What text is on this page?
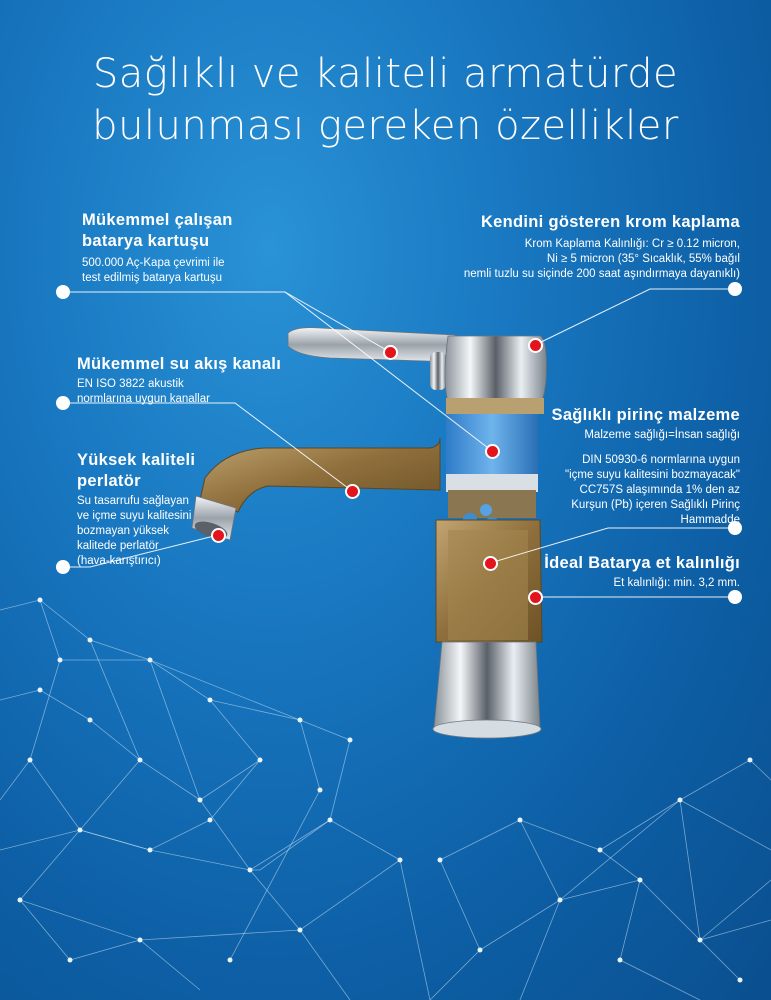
Sağlıklı ve kaliteli armatürde
bulunması gereken özellikler
Mükemmel çalışan
batarya kartuşu
500.000 Aç-Kapa çevrimi ile
test edilmiş batarya kartuşu
Kendini gösteren krom kaplama
Krom Kaplama Kalınlığı: Cr ≥ 0.12 micron,
Ni ≥ 5 micron (35° Sıcaklık, 55% bağıl
nemli tuzlu su siçinde 200 saat aşındırmaya dayanıklı)
Mükemmel su akış kanalı
EN ISO 3822 akustik
normlarına uygun kanallar
Sağlıklı pirinç malzeme
Malzeme sağlığı=İnsan sağlığı
DIN 50930-6 normlarına uygun
"içme suyu kalitesini bozmayacak"
CC757S alaşımında 1% den az
Kurşun (Pb) içeren Sağlıklı Pirinç
Hammadde
Yüksek kaliteli
perlatör
Su tasarrufu sağlayan
ve içme suyu kalitesini
bozmayan yüksek
kalitede perlatör
(hava-karıştırıcı)	İdeal Batarya et kalınlığı
Et kalınlığı: min. 3,2 mm.
